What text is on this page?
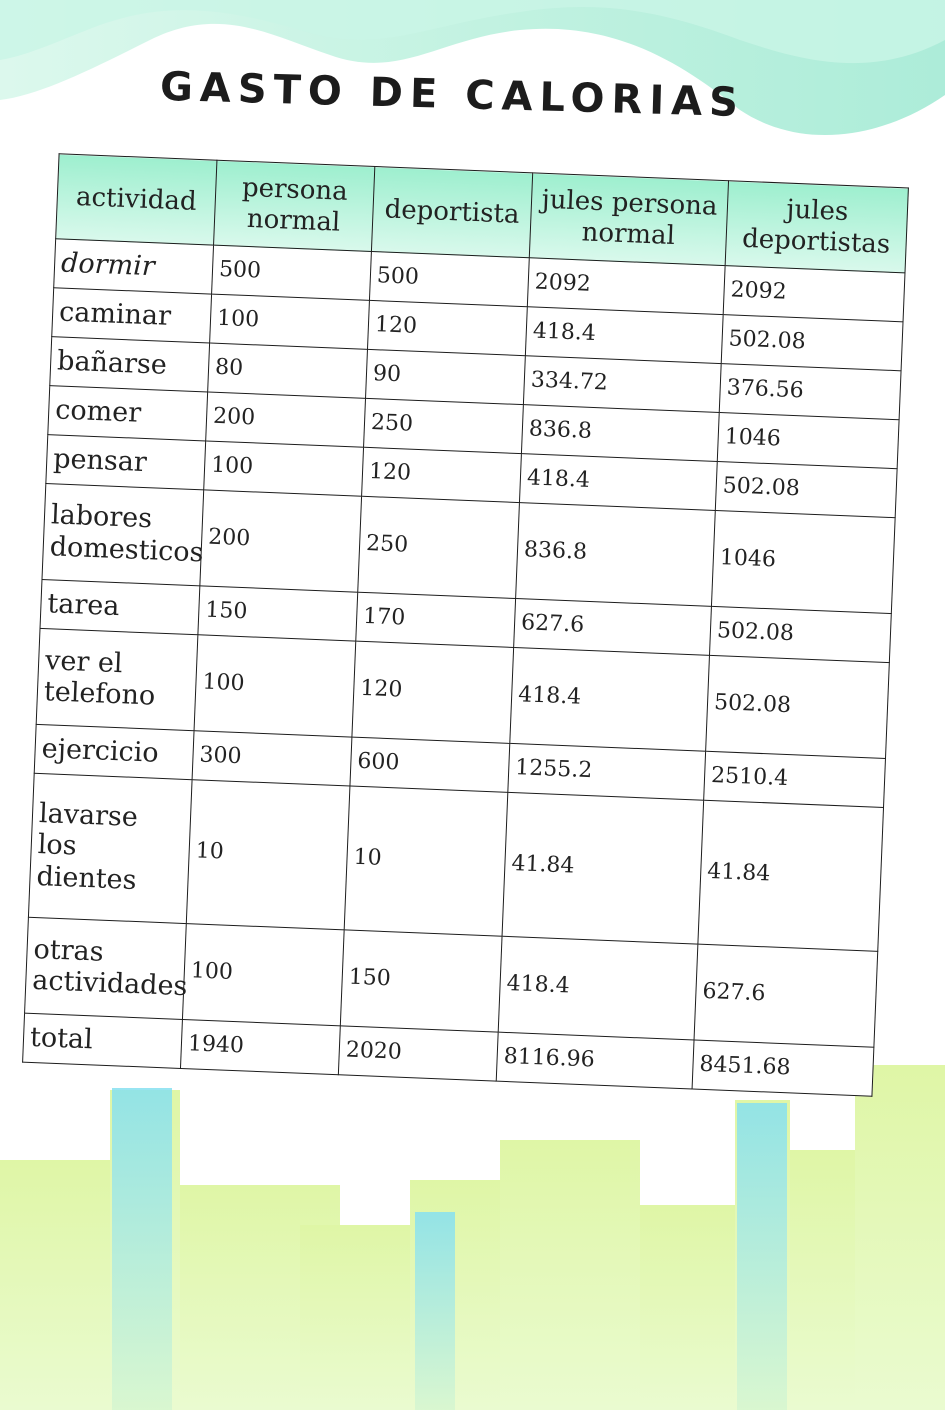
GASTO DE CALORIAS
actividad	persona normal	deportista	jules persona normal	jules deportistas
dormir	500	500	2092	2092
caminar	100	120	418.4	502.08
bañarse	80	90	334.72	376.56
comer	200	250	836.8	1046
pensar	100	120	418.4	502.08
labores domesticos	200	250	836.8	1046
tarea	150	170	627.6	502.08
ver el telefono	100	120	418.4	502.08
ejercicio	300	600	1255.2	2510.4
lavarse los dientes	10	10	41.84	41.84
otras actividades	100	150	418.4	627.6
total	1940	2020	8116.96	8451.68
